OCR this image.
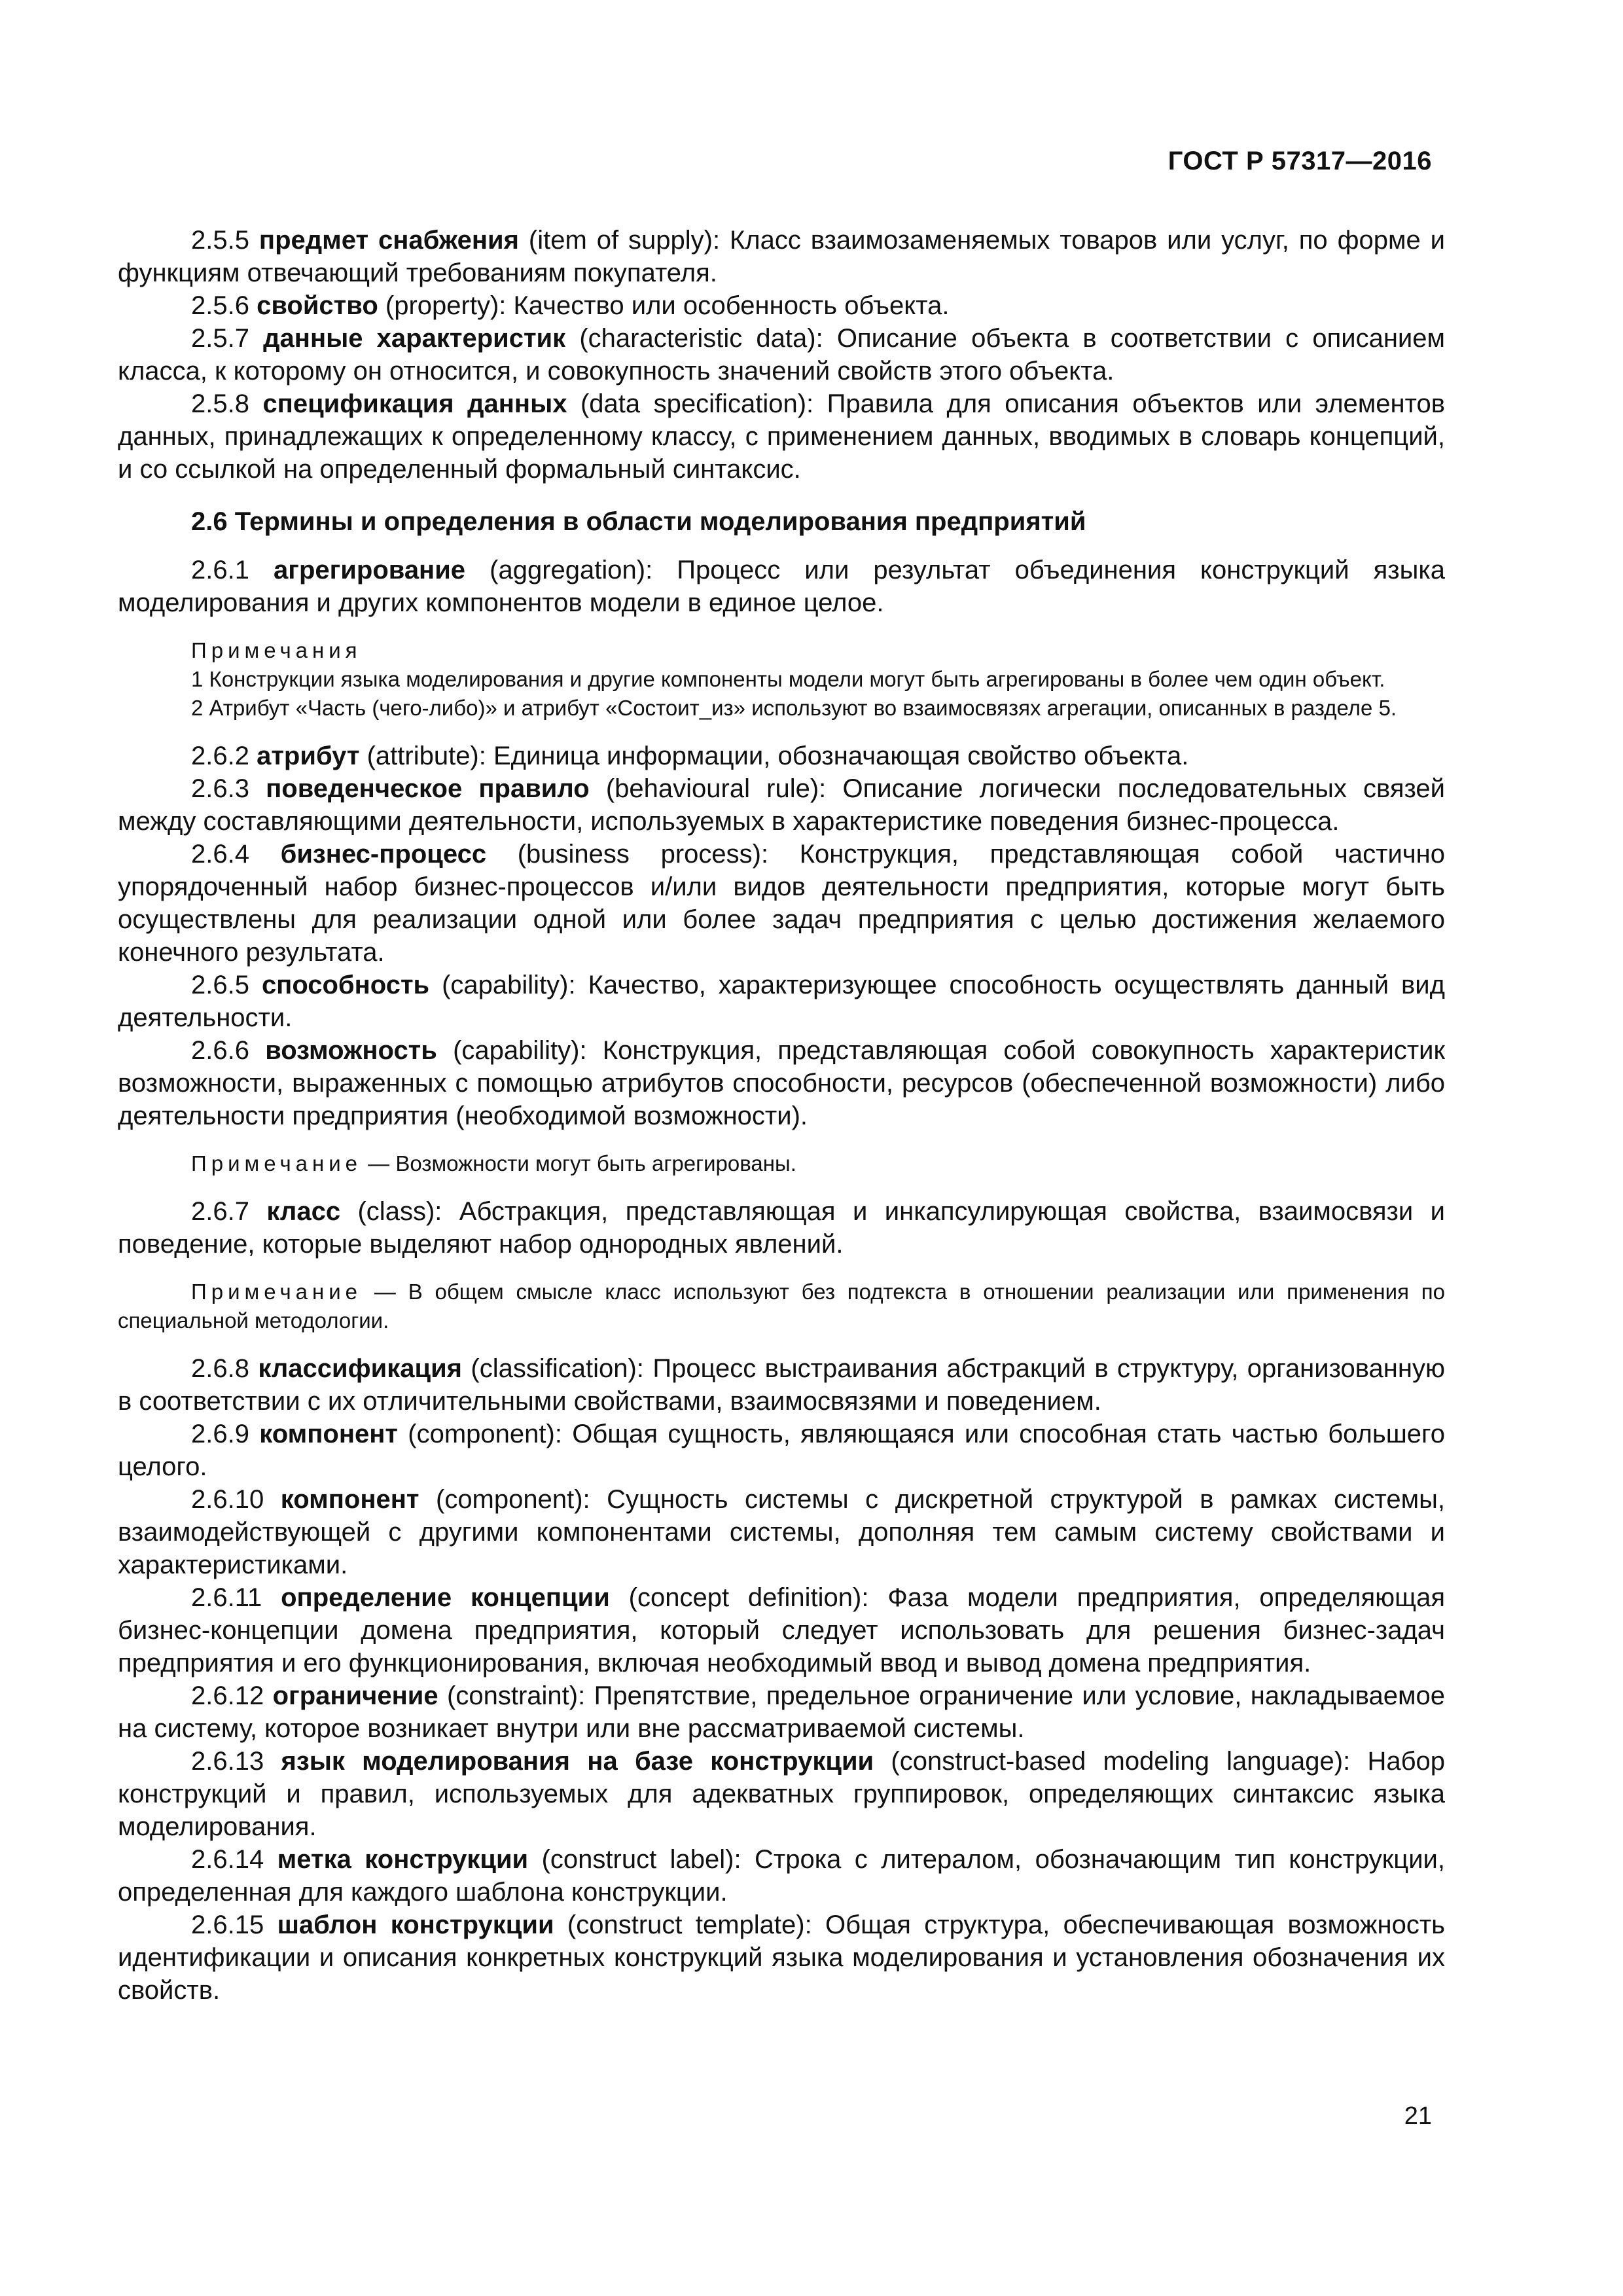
ГОСТ Р 57317—2016

2.5.5 предмет снабжения (item of supply): Класс взаимозаменяемых товаров или услуг, по форме и функциям отвечающий требованиям покупателя.

2.5.6 свойство (property): Качество или особенность объекта.

2.5.7 данные характеристик (characteristic data): Описание объекта в соответствии с описанием класса, к которому он относится, и совокупность значений свойств этого объекта.

2.5.8 спецификация данных (data specification): Правила для описания объектов или элементов данных, принадлежащих к определенному классу, с применением данных, вводимых в словарь концепций, и со ссылкой на определенный формальный синтаксис.

2.6 Термины и определения в области моделирования предприятий

2.6.1 агрегирование (aggregation): Процесс или результат объединения конструкций языка моделирования и других компонентов модели в единое целое.

Примечания

1 Конструкции языка моделирования и другие компоненты модели могут быть агрегированы в более чем один объект.

2 Атрибут «Часть (чего-либо)» и атрибут «Состоит_из» используют во взаимосвязях агрегации, описанных в разделе 5.

2.6.2 атрибут (attribute): Единица информации, обозначающая свойство объекта.

2.6.3 поведенческое правило (behavioural rule): Описание логически последовательных связей между составляющими деятельности, используемых в характеристике поведения бизнес-процесса.

2.6.4 бизнес-процесс (business process): Конструкция, представляющая собой частично упорядоченный набор бизнес-процессов и/или видов деятельности предприятия, которые могут быть осуществлены для реализации одной или более задач предприятия с целью достижения желаемого конечного результата.

2.6.5 способность (capability): Качество, характеризующее способность осуществлять данный вид деятельности.

2.6.6 возможность (capability): Конструкция, представляющая собой совокупность характеристик возможности, выраженных с помощью атрибутов способности, ресурсов (обеспеченной возможности) либо деятельности предприятия (необходимой возможности).

Примечание — Возможности могут быть агрегированы.

2.6.7 класс (class): Абстракция, представляющая и инкапсулирующая свойства, взаимосвязи и поведение, которые выделяют набор однородных явлений.

Примечание — В общем смысле класс используют без подтекста в отношении реализации или применения по специальной методологии.

2.6.8 классификация (classification): Процесс выстраивания абстракций в структуру, организованную в соответствии с их отличительными свойствами, взаимосвязями и поведением.

2.6.9 компонент (component): Общая сущность, являющаяся или способная стать частью большего целого.

2.6.10 компонент (component): Сущность системы с дискретной структурой в рамках системы, взаимодействующей с другими компонентами системы, дополняя тем самым систему свойствами и характеристиками.

2.6.11 определение концепции (concept definition): Фаза модели предприятия, определяющая бизнес-концепции домена предприятия, который следует использовать для решения бизнес-задач предприятия и его функционирования, включая необходимый ввод и вывод домена предприятия.

2.6.12 ограничение (constraint): Препятствие, предельное ограничение или условие, накладываемое на систему, которое возникает внутри или вне рассматриваемой системы.

2.6.13 язык моделирования на базе конструкции (construct-based modeling language): Набор конструкций и правил, используемых для адекватных группировок, определяющих синтаксис языка моделирования.

2.6.14 метка конструкции (construct label): Строка с литералом, обозначающим тип конструкции, определенная для каждого шаблона конструкции.

2.6.15 шаблон конструкции (construct template): Общая структура, обеспечивающая возможность идентификации и описания конкретных конструкций языка моделирования и установления обозначения их свойств.

21
